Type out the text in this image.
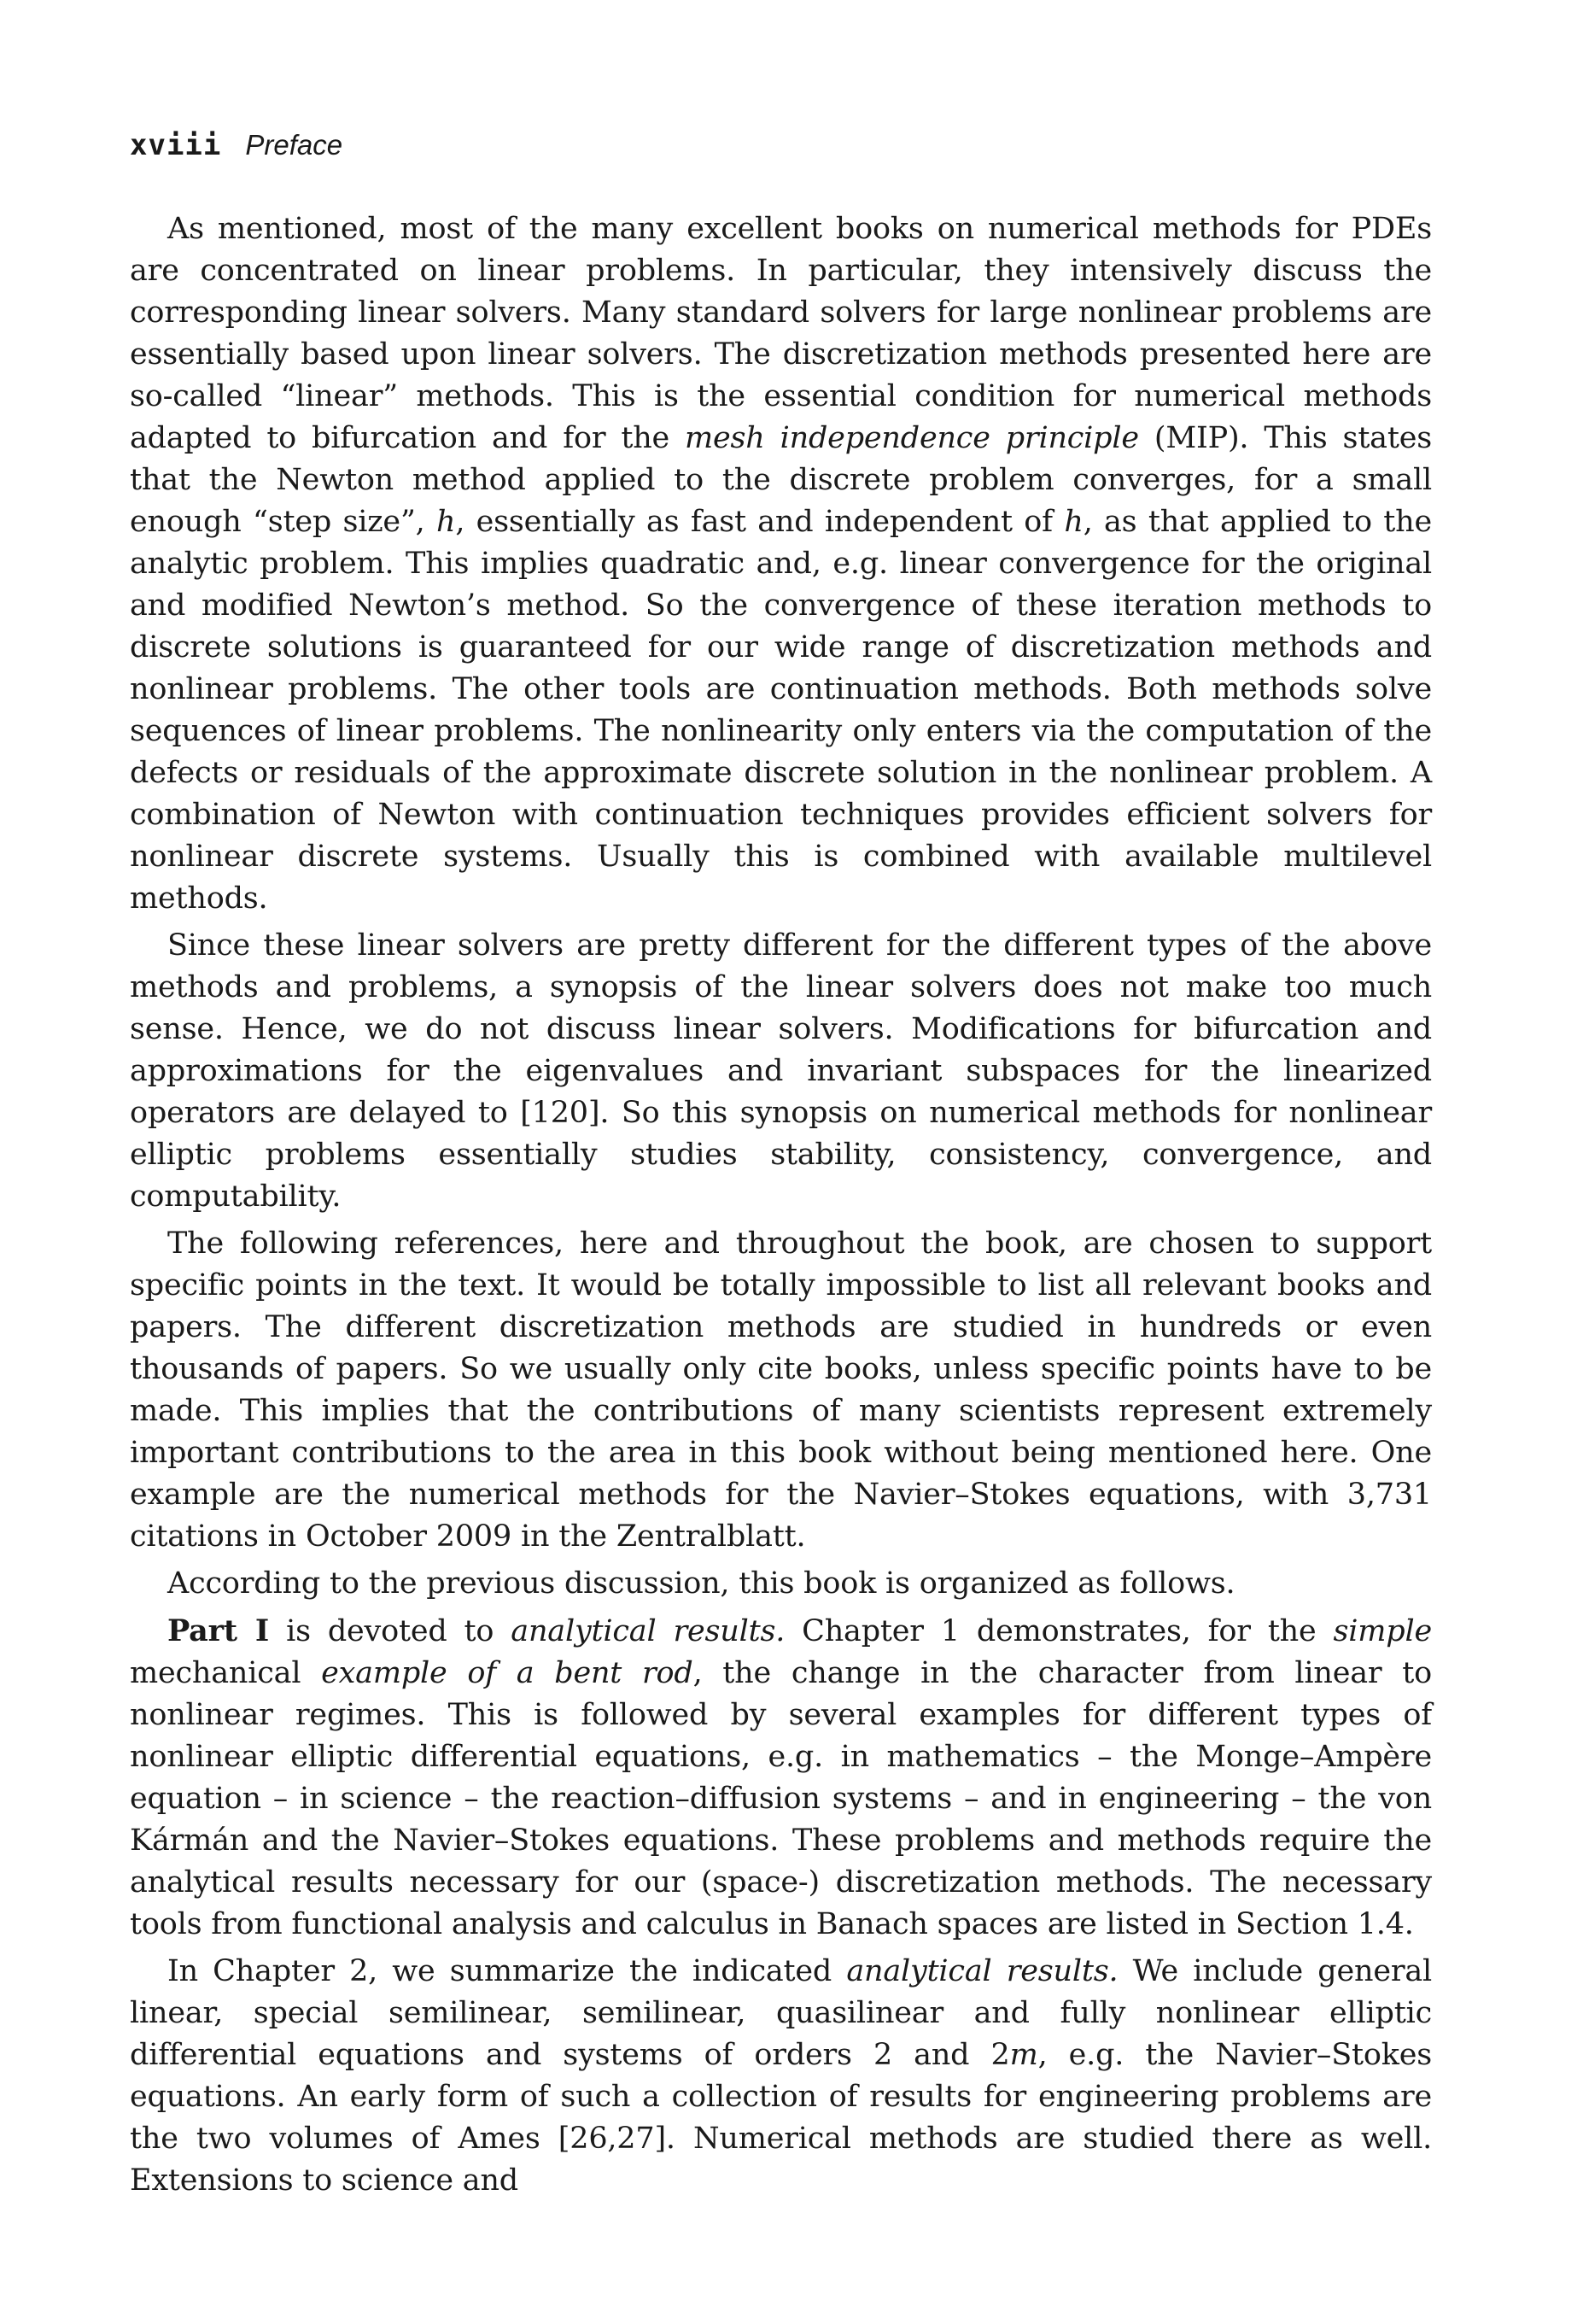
xviii Preface

As mentioned, most of the many excellent books on numerical methods for PDEs are concentrated on linear problems. In particular, they intensively discuss the corresponding linear solvers. Many standard solvers for large nonlinear problems are essentially based upon linear solvers. The discretization methods presented here are so-called “linear” methods. This is the essential condition for numerical methods adapted to bifurcation and for the mesh independence principle (MIP). This states that the Newton method applied to the discrete problem converges, for a small enough “step size”, h, essentially as fast and independent of h, as that applied to the analytic problem. This implies quadratic and, e.g. linear convergence for the original and modified Newton’s method. So the convergence of these iteration methods to discrete solutions is guaranteed for our wide range of discretization methods and nonlinear problems. The other tools are continuation methods. Both methods solve sequences of linear problems. The nonlinearity only enters via the computation of the defects or residuals of the approximate discrete solution in the nonlinear problem. A combination of Newton with continuation techniques provides efficient solvers for nonlinear discrete systems. Usually this is combined with available multilevel methods.

Since these linear solvers are pretty different for the different types of the above methods and problems, a synopsis of the linear solvers does not make too much sense. Hence, we do not discuss linear solvers. Modifications for bifurcation and approximations for the eigenvalues and invariant subspaces for the linearized operators are delayed to [120]. So this synopsis on numerical methods for nonlinear elliptic problems essentially studies stability, consistency, convergence, and computability.

The following references, here and throughout the book, are chosen to support specific points in the text. It would be totally impossible to list all relevant books and papers. The different discretization methods are studied in hundreds or even thousands of papers. So we usually only cite books, unless specific points have to be made. This implies that the contributions of many scientists represent extremely important contributions to the area in this book without being mentioned here. One example are the numerical methods for the Navier–Stokes equations, with 3,731 citations in October 2009 in the Zentralblatt.

According to the previous discussion, this book is organized as follows.

Part I is devoted to analytical results. Chapter 1 demonstrates, for the simple mechanical example of a bent rod, the change in the character from linear to nonlinear regimes. This is followed by several examples for different types of nonlinear elliptic differential equations, e.g. in mathematics – the Monge–Ampère equation – in science – the reaction–diffusion systems – and in engineering – the von Kármán and the Navier–Stokes equations. These problems and methods require the analytical results necessary for our (space-) discretization methods. The necessary tools from functional analysis and calculus in Banach spaces are listed in Section 1.4.

In Chapter 2, we summarize the indicated analytical results. We include general linear, special semilinear, semilinear, quasilinear and fully nonlinear elliptic differential equations and systems of orders 2 and 2m, e.g. the Navier–Stokes equations. An early form of such a collection of results for engineering problems are the two volumes of Ames [26,27]. Numerical methods are studied there as well. Extensions to science and
